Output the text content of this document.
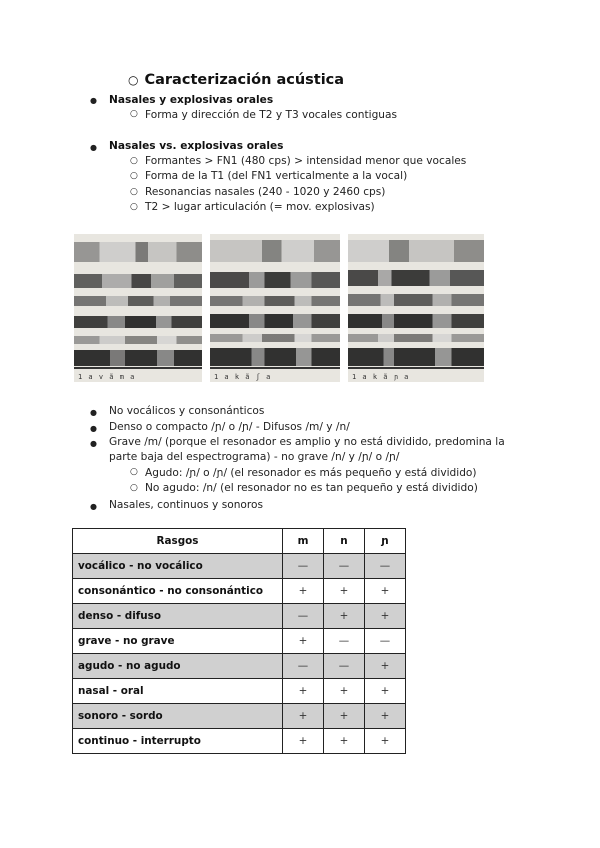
○ Caracterización acústica
● Nasales y explosivas orales
○ Forma y dirección de T2 y T3 vocales contiguas
● Nasales vs. explosivas orales
○ Formantes > FN1 (480 cps) > intensidad menor que vocales
○ Forma de la T1 (del FN1 verticalmente a la vocal)
○ Resonancias nasales (240 - 1020 y 2460 cps)
○ T2 > lugar articulación (= mov. explosivas)
1 a v ã m a	1 a k ã ʃ a	1 a k ã ɲ a
● No vocálicos y consonánticos
● Denso o compacto /ɲ/ o /ɲ/ - Difusos /m/ y /n/
● Grave /m/ (porque el resonador es amplio y no está dividido, predomina la
parte baja del espectrograma) - no grave /n/ y /ɲ/ o /ɲ/
○ Agudo: /ɲ/ o /ɲ/ (el resonador es más pequeño y está dividido)
○ No agudo: /n/ (el resonador no es tan pequeño y está dividido)
● Nasales, continuos y sonoros
Rasgos	m	n	ɲ
vocálico - no vocálico	—	—	—
consonántico - no consonántico	+	+	+
denso - difuso	—	+	+
grave - no grave	+	—	—
agudo - no agudo	—	—	+
nasal - oral	+	+	+
sonoro - sordo	+	+	+
continuo - interrupto	+	+	+
